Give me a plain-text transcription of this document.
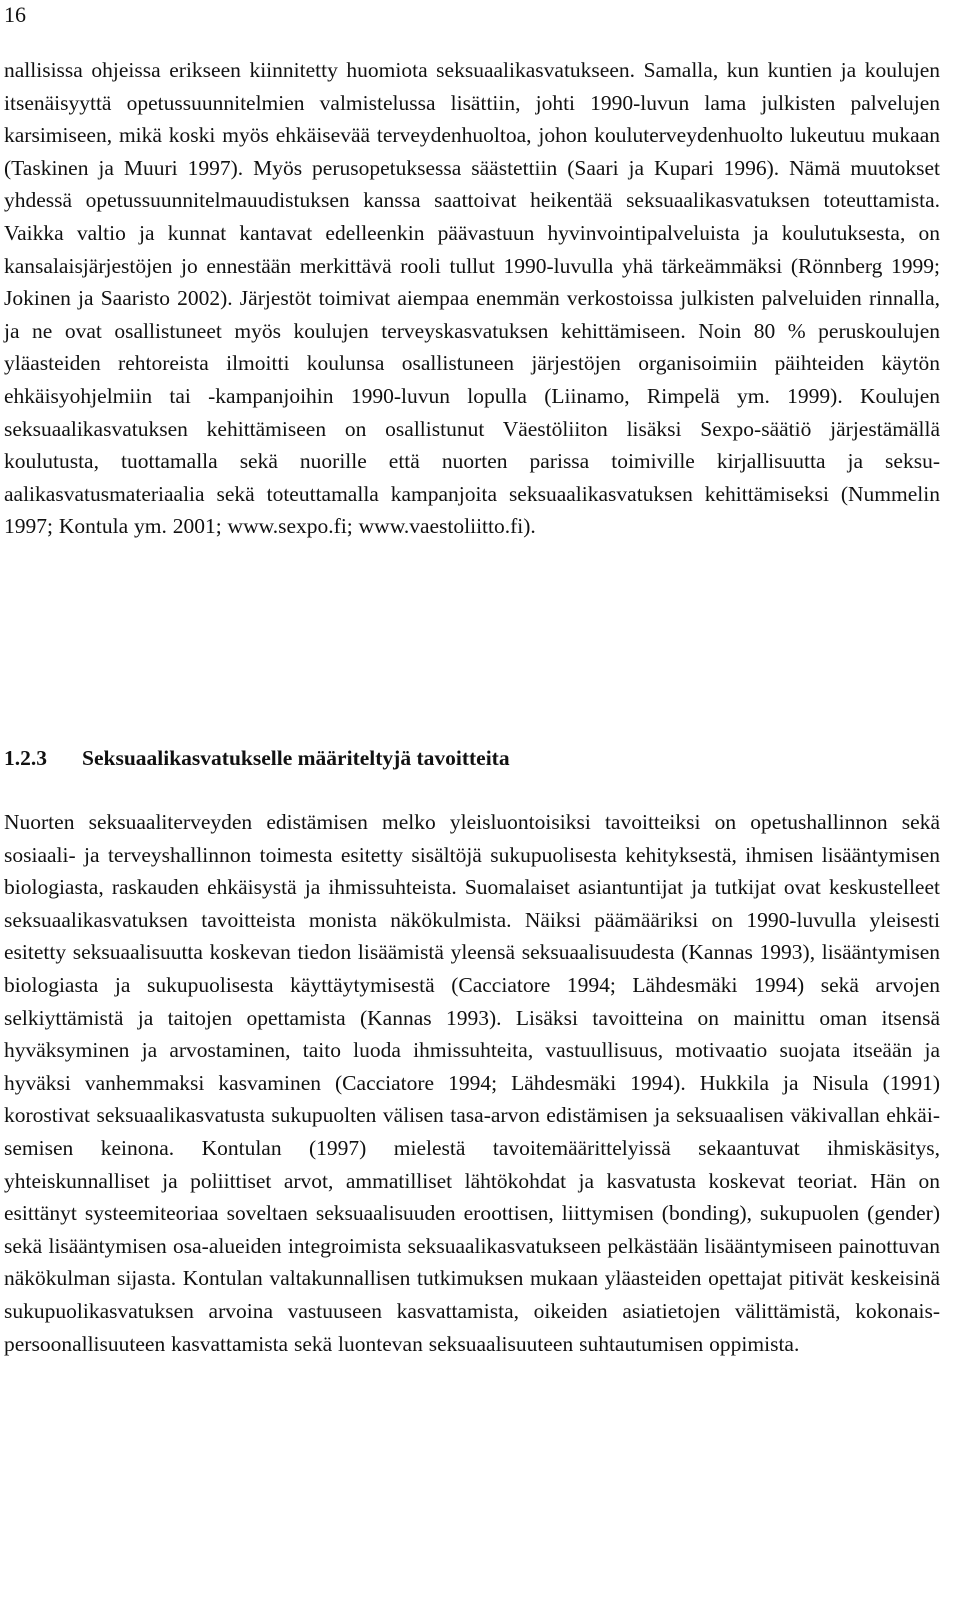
16

nallisissa ohjeissa erikseen kiinnitetty huomiota seksuaalikasvatukseen. Samalla, kun kuntien ja koulujen itsenäisyyttä opetussuunnitelmien valmistelussa lisättiin, johti 1990-luvun lama julkisten palvelujen karsimiseen, mikä koski myös ehkäisevää terveydenhuoltoa, johon kouluterveydenhuolto lukeutuu mukaan (Taskinen ja Muuri 1997). Myös perusopetuksessa säästettiin (Saari ja Kupari 1996). Nämä muutokset yhdessä opetussuunnitelmauudistuksen kanssa saattoivat heikentää seksuaalikasvatuksen toteuttamista. Vaikka valtio ja kunnat kantavat edelleenkin päävastuun hyvinvointipalveluista ja koulutuksesta, on kansalaisjärjestöjen jo ennestään merkittävä rooli tullut 1990-luvulla yhä tärkeämmäksi (Rönnberg 1999; Jokinen ja Saaristo 2002). Järjestöt toimivat aiempaa enemmän verkostoissa julkisten palveluiden rinnalla, ja ne ovat osallistuneet myös koulujen terveyskasvatuksen kehittämiseen. Noin 80 % peruskoulujen yläasteiden rehtoreista ilmoitti koulunsa osallistuneen järjestöjen organisoimiin päihteiden käytön ehkäisyohjelmiin tai -kampanjoihin 1990-luvun lopulla (Liinamo, Rimpelä ym. 1999). Koulujen seksuaalikasvatuksen kehittämiseen on osallistunut Väestöliiton lisäksi Sexpo-säätiö järjestämällä koulutusta, tuottamalla sekä nuorille että nuorten parissa toimiville kirjallisuutta ja seksuaalikasvatusmateriaalia sekä toteuttamalla kampanjoita seksuaalikasvatuksen kehittämiseksi (Nummelin 1997; Kontula ym. 2001; www.sexpo.fi; www.vaestoliitto.fi).

1.2.3 Seksuaalikasvatukselle määriteltyjä tavoitteita

Nuorten seksuaaliterveyden edistämisen melko yleisluontoisiksi tavoitteiksi on opetushallinnon sekä sosiaali- ja terveyshallinnon toimesta esitetty sisältöjä sukupuolisesta kehityksestä, ihmisen lisääntymisen biologiasta, raskauden ehkäisystä ja ihmissuhteista. Suomalaiset asiantuntijat ja tutkijat ovat keskustelleet seksuaalikasvatuksen tavoitteista monista näkökulmista. Näiksi päämääriksi on 1990-luvulla yleisesti esitetty seksuaalisuutta koskevan tiedon lisäämistä yleensä seksuaalisuudesta (Kannas 1993), lisääntymisen biologiasta ja sukupuolisesta käyttäytymisestä (Cacciatore 1994; Lähdesmäki 1994) sekä arvojen selkiyttämistä ja taitojen opettamista (Kannas 1993). Lisäksi tavoitteina on mainittu oman itsensä hyväksyminen ja arvostaminen, taito luoda ihmissuhteita, vastuullisuus, motivaatio suojata itseään ja hyväksi vanhemmaksi kasvaminen (Cacciatore 1994; Lähdesmäki 1994). Hukkila ja Nisula (1991) korostivat seksuaalikasvatusta sukupuolten välisen tasa-arvon edistämisen ja seksuaalisen väkivallan ehkäisemisen keinona. Kontulan (1997) mielestä tavoitemäärittelyissä sekaantuvat ihmiskäsitys, yhteiskunnalliset ja poliittiset arvot, ammatilliset lähtökohdat ja kasvatusta koskevat teoriat. Hän on esittänyt systeemiteoriaa soveltaen seksuaalisuuden eroottisen, liittymisen (bonding), sukupuolen (gender) sekä lisääntymisen osa-alueiden integroimista seksuaalikasvatukseen pelkästään lisääntymiseen painottuvan näkökulman sijasta. Kontulan valtakunnallisen tutkimuksen mukaan yläasteiden opettajat pitivät keskeisinä sukupuolikasvatuksen arvoina vastuuseen kasvattamista, oikeiden asiatietojen välittämistä, kokonaispersoonallisuuteen kasvattamista sekä luontevan seksuaalisuuteen suhtautumisen oppimista.
